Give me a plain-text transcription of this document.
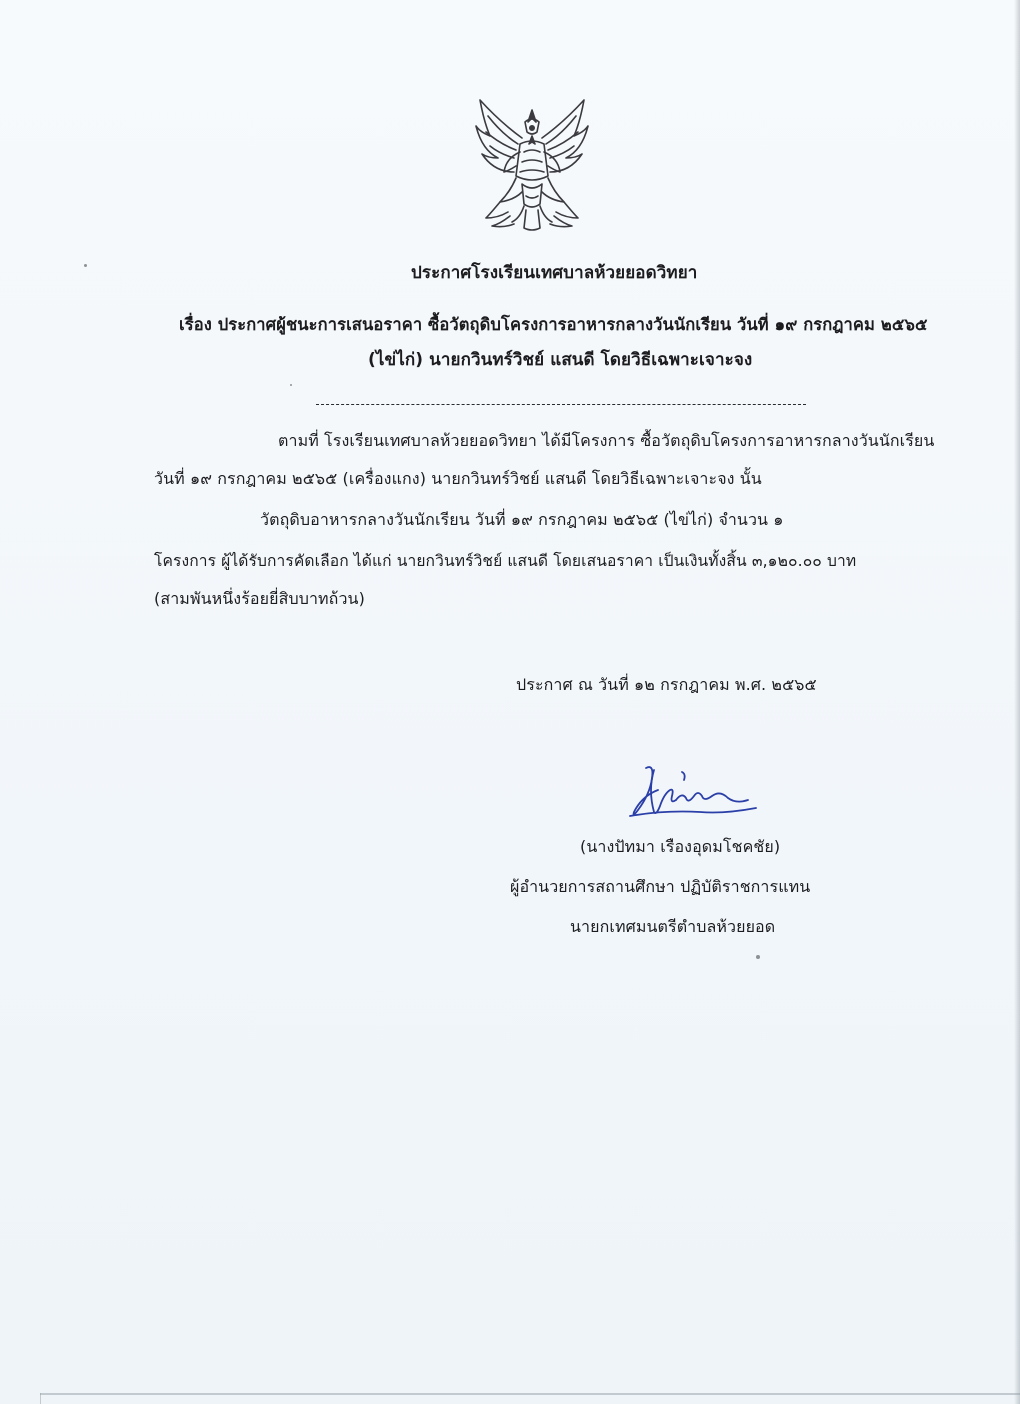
ประกาศโรงเรียนเทศบาลห้วยยอดวิทยา
เรื่อง ประกาศผู้ชนะการเสนอราคา ซื้อวัตถุดิบโครงการอาหารกลางวันนักเรียน วันที่ ๑๙ กรกฎาคม ๒๕๖๕
(ไข่ไก่) นายกวินทร์วิชย์ แสนดี โดยวิธีเฉพาะเจาะจง
ตามที่ โรงเรียนเทศบาลห้วยยอดวิทยา ได้มีโครงการ ซื้อวัตถุดิบโครงการอาหารกลางวันนักเรียน
วันที่ ๑๙ กรกฎาคม ๒๕๖๕ (เครื่องแกง) นายกวินทร์วิชย์ แสนดี โดยวิธีเฉพาะเจาะจง นั้น
วัตถุดิบอาหารกลางวันนักเรียน วันที่ ๑๙ กรกฎาคม ๒๕๖๕ (ไข่ไก่) จำนวน ๑
โครงการ ผู้ได้รับการคัดเลือก ได้แก่ นายกวินทร์วิชย์ แสนดี โดยเสนอราคา เป็นเงินทั้งสิ้น ๓,๑๒๐.๐๐ บาท
(สามพันหนึ่งร้อยยี่สิบบาทถ้วน)
ประกาศ ณ วันที่ ๑๒ กรกฎาคม พ.ศ. ๒๕๖๕
(นางปัทมา เรืองอุดมโชคชัย)
ผู้อำนวยการสถานศึกษา ปฏิบัติราชการแทน
นายกเทศมนตรีตำบลห้วยยอด
